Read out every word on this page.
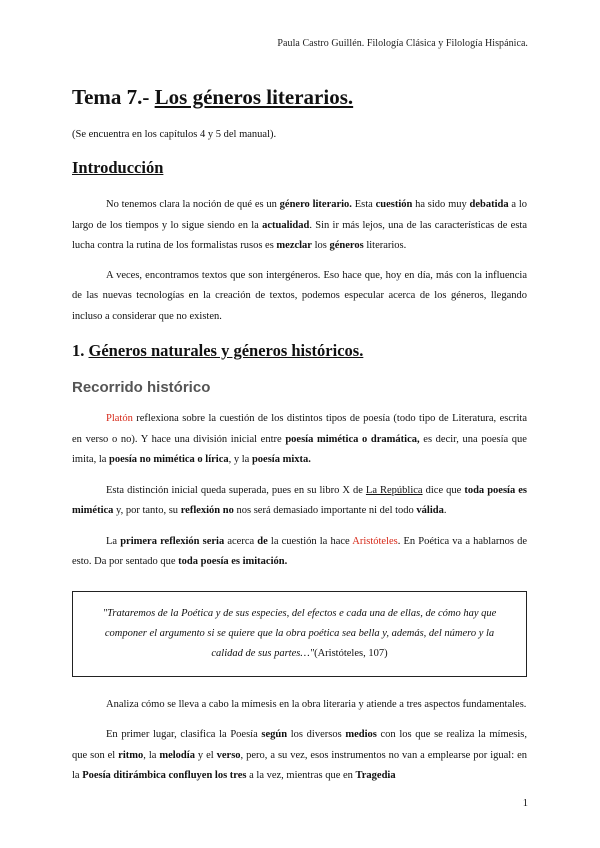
Paula Castro Guillén. Filología Clásica y Filología Hispánica.
Tema 7.- Los géneros literarios.
(Se encuentra en los capítulos 4 y 5 del manual).
Introducción

No tenemos clara la noción de qué es un género literario. Esta cuestión ha sido muy debatida a lo largo de los tiempos y lo sigue siendo en la actualidad. Sin ir más lejos, una de las características de esta lucha contra la rutina de los formalistas rusos es mezclar los géneros literarios.

A veces, encontramos textos que son intergéneros. Eso hace que, hoy en día, más con la influencia de las nuevas tecnologías en la creación de textos, podemos especular acerca de los géneros, llegando incluso a considerar que no existen.

1. Géneros naturales y géneros históricos.
Recorrido histórico

Platón reflexiona sobre la cuestión de los distintos tipos de poesía (todo tipo de Literatura, escrita en verso o no). Y hace una división inicial entre poesía mimética o dramática, es decir, una poesía que imita, la poesía no mimética o lírica, y la poesía mixta.

Esta distinción inicial queda superada, pues en su libro X de La República dice que toda poesía es mimética y, por tanto, su reflexión no nos será demasiado importante ni del todo válida.

La primera reflexión seria acerca de la cuestión la hace Aristóteles. En Poética va a hablarnos de esto. Da por sentado que toda poesía es imitación.

"Trataremos de la Poética y de sus especies, del efectos e cada una de ellas, de cómo hay que componer el argumento si se quiere que la obra poética sea bella y, además, del número y la calidad de sus partes…"(Aristóteles, 107)

Analiza cómo se lleva a cabo la mímesis en la obra literaria y atiende a tres aspectos fundamentales.

En primer lugar, clasifica la Poesía según los diversos medios con los que se realiza la mímesis, que son el ritmo, la melodía y el verso, pero, a su vez, esos instrumentos no van a emplearse por igual: en la Poesía ditirámbica confluyen los tres a la vez, mientras que en Tragedia

1
